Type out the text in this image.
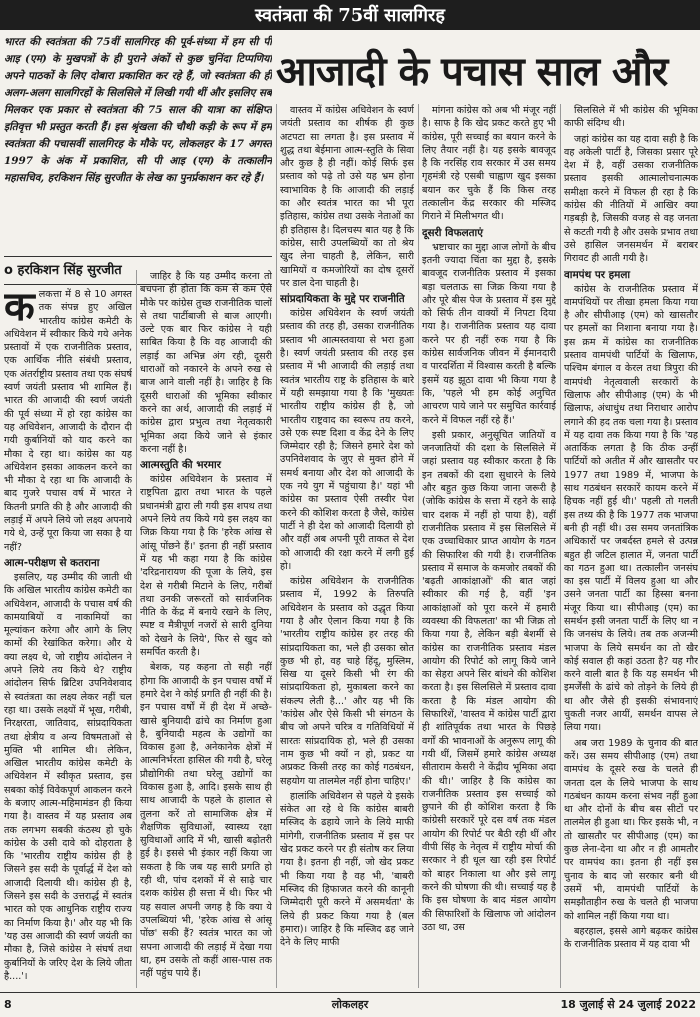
स्वतंत्रता की 75वीं सालगिरह

भारत की स्वतंत्रता की 75वीं सालगिरह की पूर्व-संध्या में हम सी पी आइ (एम) के मुखपत्रों के ही पुराने अंकों से कुछ चुनिंदा टिप्पणियां अपने पाठकों के लिए दोबारा प्रकाशित कर रहे हैं, जो स्वतंत्रता की ही अलग-अलग सालगिरहों के सिलसिले में लिखी गयी थीं और इसलिए सब मिलकर एक प्रकार से स्वतंत्रता की 75 साल की यात्रा का संक्षिप्त इतिवृत्त भी प्रस्तुत करती हैं। इस श्रृंखला की चौथी कड़ी के रूप में हम स्वतंत्रता की पचासवीं सालगिरह के मौके पर, लोकलहर के 17 अगस्त 1997 के अंक में प्रकाशित, सी पी आइ (एम) के तत्कालीन महासचिव, हरकिशन सिंह सुरजीत के लेख का पुनर्प्रकाशन कर रहे हैं।

आजादी के पचास साल और
ο हरकिशन सिंह सुरजीत
क लकत्ता में 8 से 10 अगस्त तक संपन्न हुए अखिल भारतीय कांग्रेस कमेटी के अधिवेशन में स्वीकार किये गये अनेक प्रस्तावों में एक राजनीतिक प्रस्ताव, एक आर्थिक नीति संबंधी प्रस्ताव, एक अंतर्राष्ट्रीय प्रस्ताव तथा एक संघर्ष स्वर्ण जयंती प्रस्ताव भी शामिल हैं। भारत की आजादी की स्वर्ण जयंती की पूर्व संध्या में हो रहा कांग्रेस का यह अधिवेशन, आजादी के दौरान दी गयी कुर्बानियों को याद करने का मौका दे रहा था। कांग्रेस का यह अधिवेशन इसका आकलन करने का भी मौका दे रहा था कि आजादी के बाद गुजरे पचास वर्ष में भारत ने कितनी प्रगति की है और आजादी की लड़ाई में अपने लिये जो लक्ष्य अपनाये गये थे, उन्हें पूरा किया जा सका है या नहीं?

आत्म-परीक्षण से कतराना

इसलिए, यह उम्मीद की जाती थी कि अखिल भारतीय कांग्रेस कमेटी का अधिवेशन, आजादी के पचास वर्ष की कामयाबियों व नाकामियों का मूल्यांकन करेगा और आगे के लिए कामों की रेखांकित करेगा। और ये क्या लक्ष्य थे, जो राष्ट्रीय आंदोलन ने अपने लिये तय किये थे? राष्ट्रीय आंदोलन सिर्फ ब्रिटिश उपनिवेशवाद से स्वतंत्रता का लक्ष्य लेकर नहीं चल रहा था। उसके लक्ष्यों में भूख, गरीबी, निरक्षरता, जातिवाद, सांप्रदायिकता तथा क्षेत्रीय व अन्य विषमताओं से मुक्ति भी शामिल थी। लेकिन, अखिल भारतीय कांग्रेस कमेटी के अधिवेशन में स्वीकृत प्रस्ताव, इस सबका कोई विवेकपूर्ण आकलन करने के बजाए आत्म-महिमामंडन ही किया गया है। वास्तव में यह प्रस्ताव अब तक लगभग सबकी कंठस्थ हो चुके कांग्रेस के उसी दावे को दोहराता है कि 'भारतीय राष्ट्रीय कांग्रेस ही है जिसने इस सदी के पूर्वार्द्ध में देश को आजादी दिलायी थी। कांग्रेस ही है, जिसने इस सदी के उत्तरार्द्ध में स्वतंत्र भारत को एक आधुनिक राष्ट्रीय राज्य का निर्माण किया है।' और यह भी कि 'यह उस आजादी की स्वर्ण जयंती का मौका है, जिसे कांग्रेस ने संघर्ष तथा कुर्बानियों के जरिए देश के लिये जीता है....'।

जाहिर है कि यह उम्मीद करना तो बचपना ही होता कि कम से कम ऐसे मौके पर कांग्रेस तुच्छ राजनीतिक चालों से तथा पार्टीबाजी से बाज आएगी। उल्टे एक बार फिर कांग्रेस ने यही साबित किया है कि वह आजादी की लड़ाई का अभिन्न अंग रही, दूसरी धाराओं को नकारने के अपने रुख से बाज आने वाली नहीं है। जाहिर है कि दूसरी धाराओं की भूमिका स्वीकार करने का अर्थ, आजादी की लड़ाई में कांग्रेस द्वारा प्रभुत्व तथा नेतृत्वकारी भूमिका अदा किये जाने से इंकार करना नहीं है।

आत्मस्तुति की भरमार

कांग्रेस अधिवेशन के प्रस्ताव में राष्ट्रपिता द्वारा तथा भारत के पहले प्रधानमंत्री द्वारा ली गयी इस शपथ तथा अपने लिये तय किये गये इस लक्ष्य का जिक्र किया गया है कि 'हरेक आंख से आंसू पोंछने हैं।' इतना ही नहीं प्रस्ताव में यह भी कहा गया है कि कांग्रेस 'दरिद्रनारायण की पूजा के लिये, इस देश से गरीबी मिटाने के लिए, गरीबों तथा उनकी जरूरतों को सार्वजनिक नीति के केंद्र में बनाये रखने के लिए, स्पष्ट व मैत्रीपूर्ण नजरों से सारी दुनिया को देखने के लिये', फिर से खुद को समर्पित करती है।

बेशक, यह कहना तो सही नहीं होगा कि आजादी के इन पचास वर्षों में हमारे देश ने कोई प्रगति ही नहीं की है। इन पचास वर्षों में ही देश में अच्छे-खासे बुनियादी ढांचे का निर्माण हुआ है, बुनियादी महत्व के उद्योगों का विकास हुआ है, अनेकानेक क्षेत्रों में आत्मनिर्भरता हासिल की गयी है, घरेलू प्रौद्योगिकी तथा घरेलू उद्योगों का विकास हुआ है, आदि। इसके साथ ही साथ आजादी के पहले के हालात से तुलना करें तो सामाजिक क्षेत्र में शैक्षणिक सुविधाओं, स्वास्थ्य रक्षा सुविधाओं आदि में भी, खासी बढ़ोतरी हुई है। इससे भी इंकार नहीं किया जा सकता है कि जब यह सारी प्रगति हो रही थी, पांच दशकों में से साढ़े चार दशक कांग्रेस ही सत्ता में थी। फिर भी यह सवाल अपनी जगह है कि क्या ये उपलब्धियां भी, 'हरेक आंख से आंसू पोंछ' सकी हैं? स्वतंत्र भारत का जो सपना आजादी की लड़ाई में देखा गया था, हम उसके तो कहीं आस-पास तक नहीं पहुंच पाये हैं।

वास्तव में कांग्रेस अधिवेशन के स्वर्ण जयंती प्रस्ताव का शीर्षक ही कुछ अटपटा सा लगता है। इस प्रस्ताव में शुद्ध तथा बेईमाना आत्म-स्तुति के सिवा और कुछ है ही नहीं। कोई सिर्फ इस प्रस्ताव को पढ़े तो उसे यह भ्रम होना स्वाभाविक है कि आजादी की लड़ाई का और स्वतंत्र भारत का भी पूरा इतिहास, कांग्रेस तथा उसके नेताओं का ही इतिहास है। दिलचस्प बात यह है कि कांग्रेस, सारी उपलब्धियों का तो श्रेय खुद लेना चाहती है, लेकिन, सारी खामियों व कमजोरियों का दोष दूसरों पर डाल देना चाहती है।

सांप्रदायिकता के मुद्दे पर राजनीति

कांग्रेस अधिवेशन के स्वर्ण जयंती प्रस्ताव की तरह ही, उसका राजनीतिक प्रस्ताव भी आत्मस्तवाया से भरा हुआ है। स्वर्ण जयंती प्रस्ताव की तरह इस प्रस्ताव में भी आजादी की लड़ाई तथा स्वतंत्र भारतीय राष्ट्र के इतिहास के बारे में यही समझाया गया है कि 'मुख्यतः भारतीय राष्ट्रीय कांग्रेस ही है, जो भारतीय राष्ट्रवाद का स्वरूप तय करने, उसे एक स्पष्ट दिशा व केंद्र देने के लिए जिम्मेदार रही है; जिसने हमारे देश को उपनिवेशवाद के जुए से मुक्त होने में समर्थ बनाया और देश को आजादी के एक नये युग में पहुंचाया है।' यहां भी कांग्रेस का प्रस्ताव ऐसी तस्वीर पेश करने की कोशिश करता है जैसे, कांग्रेस पार्टी ने ही देश को आजादी दिलायी हो और वहीं अब अपनी पूरी ताकत से देश को आजादी की रक्षा करने में लगी हुई हो।

कांग्रेस अधिवेशन के राजनीतिक प्रस्ताव में, 1992 के तिरुपति अधिवेशन के प्रस्ताव को उद्धृत किया गया है और ऐलान किया गया है कि 'भारतीय राष्ट्रीय कांग्रेस हर तरह की सांप्रदायिकता का, भले ही उसका स्रोत कुछ भी हो, वह चाहे हिंदू, मुस्लिम, सिख या दूसरे किसी भी रंग की सांप्रदायिकता हो, मुकाबला करने का संकल्प लेती है...' और यह भी कि 'कांग्रेस और ऐसे किसी भी संगठन के बीच जो अपने चरित्र व गतिविधियों में सारतः सांप्रदायिक हो, भले ही उसका नाम कुछ भी क्यों न हो, प्रकट या अप्रकट किसी तरह का कोई गठबंधन, सहयोग या तालमेल नहीं होना चाहिए।'

हालांकि अधिवेशन से पहले ये इसके संकेत आ रहे थे कि कांग्रेस बाबरी मस्जिद के ढहाये जाने के लिये माफी मांगेगी, राजनीतिक प्रस्ताव में इस पर खेद प्रकट करने पर ही संतोष कर लिया गया है। इतना ही नहीं, जो खेद प्रकट भी किया गया है वह भी, 'बाबरी मस्जिद की हिफाजत करने की कानूनी जिम्मेदारी पूरी करने में असमर्थता' के लिये ही प्रकट किया गया है (बल हमारा)। जाहिर है कि मस्जिद ढह जाने देने के लिए माफी

मांगना कांग्रेस को अब भी मंजूर नहीं है। साफ है कि खेद प्रकट करते हुए भी कांग्रेस, पूरी सच्चाई का बयान करने के लिए तैयार नहीं है। यह इसके बावजूद है कि नरसिंह राव सरकार में उस समय गृहमंत्री रहे एसबी चाह्वाण खुद इसका बयान कर चुके हैं कि किस तरह तत्कालीन केंद्र सरकार की मस्जिद गिराने में मिलीभगत थी।

दूसरी विफलताएं

भ्रष्टाचार का मुद्दा आज लोगों के बीच इतनी ज्यादा चिंता का मुद्दा है, इसके बावजूद राजनीतिक प्रस्ताव में इसका बड़ा चलताऊ सा जिक्र किया गया है और पूरे बीस पेज के प्रस्ताव में इस मुद्दे को सिर्फ तीन वाक्यों में निपटा दिया गया है। राजनीतिक प्रस्ताव यह दावा करने पर ही नहीं रुक गया है कि कांग्रेस सार्वजनिक जीवन में ईमानदारी व पारदर्शिता में विश्वास करती है बल्कि इसमें यह झूठा दावा भी किया गया है कि, 'पहले भी हम कोई अनुचित आचरण पाये जाने पर समुचित कार्रवाई करने में विफल नहीं रहे हैं।'

इसी प्रकार, अनुसूचित जातियों व जनजातियों की दशा के सिलसिले में जहां प्रस्ताव यह स्वीकार करता है कि इन तबकों की दशा सुधारने के लिये और बहुत कुछ किया जाना जरूरी है (जोकि कांग्रेस के सत्ता में रहने के साढ़े चार दशक में नहीं हो पाया है), वहीं राजनीतिक प्रस्ताव में इस सिलसिले में एक उच्चाधिकार प्राप्त आयोग के गठन की सिफारिश की गयी है। राजनीतिक प्रस्ताव में समाज के कमजोर तबकों की 'बढ़ती आकांक्षाओं' की बात जहां स्वीकार की गई है, वहीं 'इन आकांक्षाओं को पूरा करने में हमारी व्यवस्था की विफलता' का भी जिक्र तो किया गया है, लेकिन बड़ी बेशर्मी से कांग्रेस का राजनीतिक प्रस्ताव मंडल आयोग की रिपोर्ट को लागू किये जाने का सेहरा अपने सिर बांधने की कोशिश करता है। इस सिलसिले में प्रस्ताव दावा करता है कि मंडल आयोग की सिफारिशें, 'वास्तव में कांग्रेस पार्टी द्वारा ही शांतिपूर्वक तथा भारत के पिछड़े वर्गों की भावनाओं के अनुरूप लागू की गयी थीं, जिसमें हमारे कांग्रेस अध्यक्ष सीताराम केसरी ने केंद्रीय भूमिका अदा की थी।' जाहिर है कि कांग्रेस का राजनीतिक प्रस्ताव इस सच्चाई को छुपाने की ही कोशिश करता है कि कांग्रेसी सरकारें पूरे दस वर्ष तक मंडल आयोग की रिपोर्ट पर बैठी रही थीं और वीपी सिंह के नेतृत्व में राष्ट्रीय मोर्चा की सरकार ने ही धूल खा रही इस रिपोर्ट को बाहर निकाला था और इसे लागू करने की घोषणा की थी। सच्चाई यह है कि इस घोषणा के बाद मंडल आयोग की सिफारिशों के खिलाफ जो आंदोलन उठा था, उस

सिलसिले में भी कांग्रेस की भूमिका काफी संदिग्ध थी।

जहां कांग्रेस का यह दावा सही है कि वह अकेली पार्टी है, जिसका प्रसार पूरे देश में है, वहीं उसका राजनीतिक प्रस्ताव इसकी आत्मालोचनात्मक समीक्षा करने में विफल ही रहा है कि कांग्रेस की नीतियों में आखिर क्या गड़बड़ी है, जिसकी वजह से वह जनता से कटती गयी है और उसके प्रभाव तथा उसे हासिल जनसमर्थन में बराबर गिरावट ही आती गयी है।

वामपंथ पर हमला

कांग्रेस के राजनीतिक प्रस्ताव में वामपंथियों पर तीखा हमला किया गया है और सीपीआइ (एम) को खासतौर पर हमलों का निशाना बनाया गया है। इस क्रम में कांग्रेस का राजनीतिक प्रस्ताव वामपंथी पार्टियों के खिलाफ, पश्चिम बंगाल व केरल तथा त्रिपुरा की वामपंथी नेतृत्ववाली सरकारों के खिलाफ और सीपीआइ (एम) के भी खिलाफ, अंधाधुंध तथा निराधार आरोप लगाने की हद तक चला गया है। प्रस्ताव में यह दावा तक किया गया है कि 'यह अतार्किक लगता है कि ठीक उन्हीं पार्टियों को अतीत में और खासतौर पर 1977 तथा 1989 में, भाजपा के साथ गठबंधन सरकारें कायम करने में हिचक नहीं हुई थी।' पहली तो गलती इस तथ्य की है कि 1977 तक भाजपा बनी ही नहीं थी। उस समय जनतांत्रिक अधिकारों पर जबर्दस्त हमले से उत्पन्न बहुत ही जटिल हालात में, जनता पार्टी का गठन हुआ था। तत्कालीन जनसंघ का इस पार्टी में विलय हुआ था और उसने जनता पार्टी का हिस्सा बनना मंजूर किया था। सीपीआइ (एम) का समर्थन इसी जनता पार्टी के लिए था न कि जनसंघ के लिये। तब तक अजन्मी भाजपा के लिये समर्थन का तो खैर कोई सवाल ही कहां उठता है? यह गौर करने वाली बात है कि यह समर्थन भी इमर्जेंसी के ढांचे को तोड़ने के लिये ही था और जैसे ही इसकी संभावनाएं चुकती नजर आयीं, समर्थन वापस ले लिया गया।

अब जरा 1989 के चुनाव की बात करें। उस समय सीपीआइ (एम) तथा वामपंथ के दूसरे रुख के चलते ही जनता दल के लिये भाजपा के साथ गठबंधन कायम करना संभव नहीं हुआ था और दोनों के बीच बस सीटों पर तालमेल ही हुआ था। फिर इसके भी, न तो खासतौर पर सीपीआइ (एम) का कुछ लेना-देना था और न ही आमतौर पर वामपंथ का। इतना ही नहीं इस चुनाव के बाद जो सरकार बनी थी उसमें भी, वामपंथी पार्टियों के समझौताहीन रुख के चलते ही भाजपा को शामिल नहीं किया गया था।

बहरहाल, इससे आगे बढ़कर कांग्रेस के राजनीतिक प्रस्ताव में यह दावा भी

8	लोकलहर	18 जुलाई से 24 जुलाई 2022
